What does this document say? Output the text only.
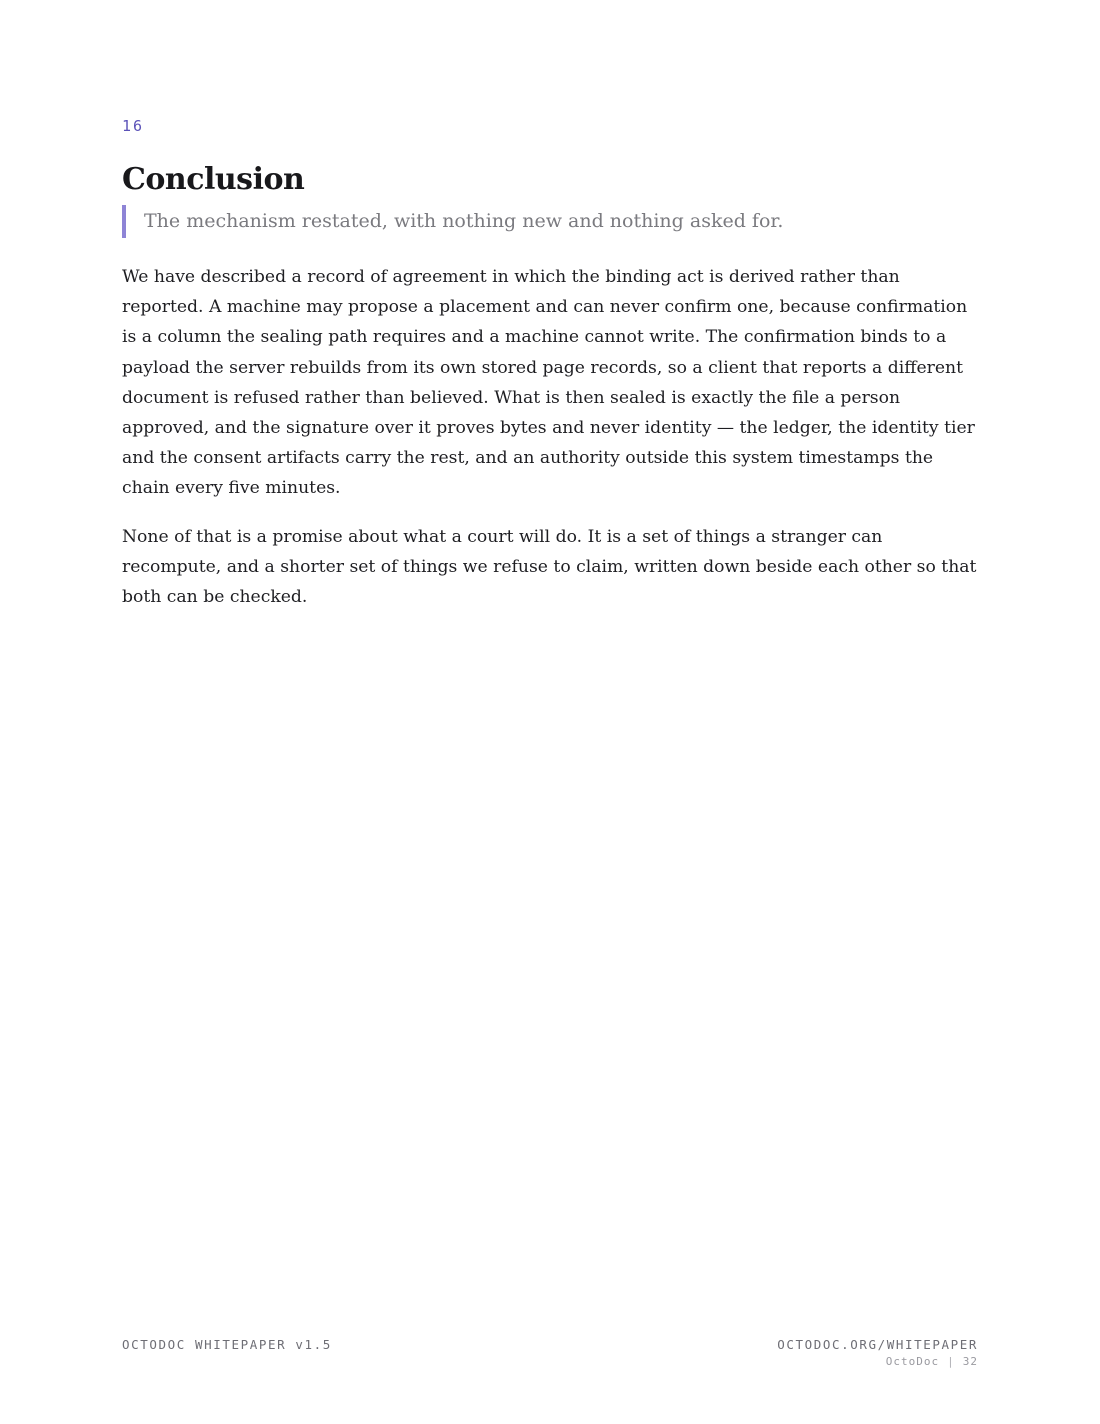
16
Conclusion
The mechanism restated, with nothing new and nothing asked for.

We have described a record of agreement in which the binding act is derived rather than reported. A machine may propose a placement and can never confirm one, because confirmation is a column the sealing path requires and a machine cannot write. The confirmation binds to a payload the server rebuilds from its own stored page records, so a client that reports a different document is refused rather than believed. What is then sealed is exactly the file a person approved, and the signature over it proves bytes and never identity — the ledger, the identity tier and the consent artifacts carry the rest, and an authority outside this system timestamps the chain every five minutes.

None of that is a promise about what a court will do. It is a set of things a stranger can recompute, and a shorter set of things we refuse to claim, written down beside each other so that both can be checked.

OCTODOC WHITEPAPER v1.5	OCTODOC.ORG/WHITEPAPER
OctoDoc | 32
